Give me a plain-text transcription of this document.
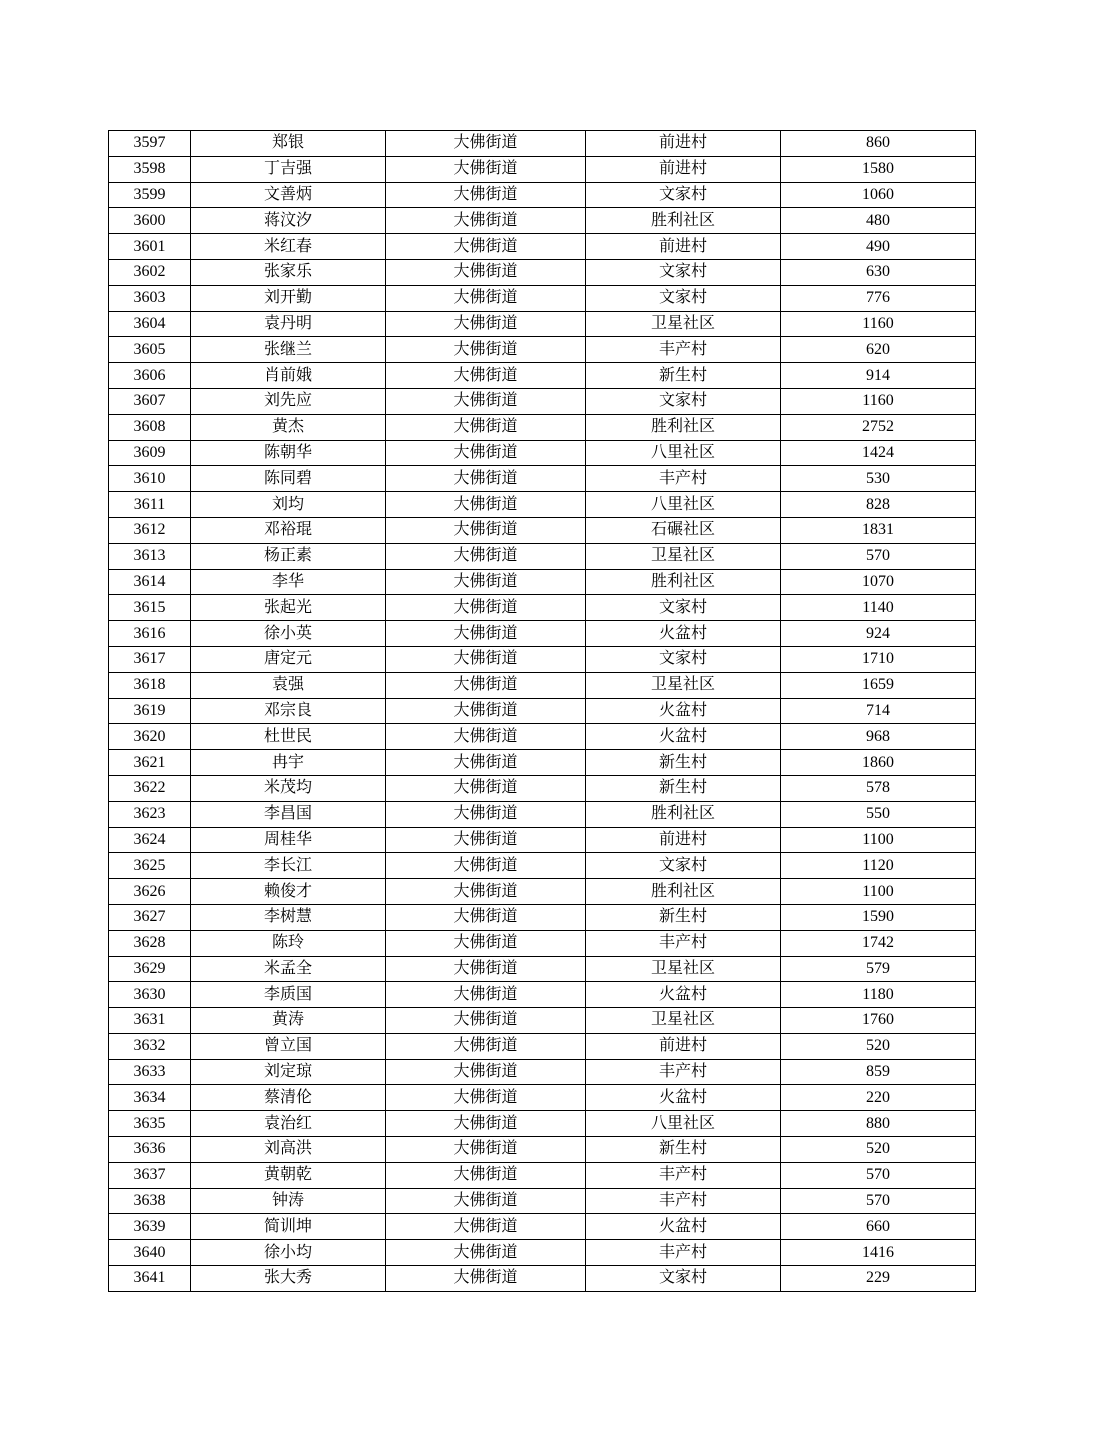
3597	郑银	大佛街道	前进村	860
3598	丁吉强	大佛街道	前进村	1580
3599	文善炳	大佛街道	文家村	1060
3600	蒋汶汐	大佛街道	胜利社区	480
3601	米红春	大佛街道	前进村	490
3602	张家乐	大佛街道	文家村	630
3603	刘开勤	大佛街道	文家村	776
3604	袁丹明	大佛街道	卫星社区	1160
3605	张继兰	大佛街道	丰产村	620
3606	肖前娥	大佛街道	新生村	914
3607	刘先应	大佛街道	文家村	1160
3608	黄杰	大佛街道	胜利社区	2752
3609	陈朝华	大佛街道	八里社区	1424
3610	陈同碧	大佛街道	丰产村	530
3611	刘均	大佛街道	八里社区	828
3612	邓裕琨	大佛街道	石碾社区	1831
3613	杨正素	大佛街道	卫星社区	570
3614	李华	大佛街道	胜利社区	1070
3615	张起光	大佛街道	文家村	1140
3616	徐小英	大佛街道	火盆村	924
3617	唐定元	大佛街道	文家村	1710
3618	袁强	大佛街道	卫星社区	1659
3619	邓宗良	大佛街道	火盆村	714
3620	杜世民	大佛街道	火盆村	968
3621	冉宇	大佛街道	新生村	1860
3622	米茂均	大佛街道	新生村	578
3623	李昌国	大佛街道	胜利社区	550
3624	周桂华	大佛街道	前进村	1100
3625	李长江	大佛街道	文家村	1120
3626	赖俊才	大佛街道	胜利社区	1100
3627	李树慧	大佛街道	新生村	1590
3628	陈玲	大佛街道	丰产村	1742
3629	米孟全	大佛街道	卫星社区	579
3630	李质国	大佛街道	火盆村	1180
3631	黄涛	大佛街道	卫星社区	1760
3632	曾立国	大佛街道	前进村	520
3633	刘定琼	大佛街道	丰产村	859
3634	蔡清伦	大佛街道	火盆村	220
3635	袁治红	大佛街道	八里社区	880
3636	刘高洪	大佛街道	新生村	520
3637	黄朝乾	大佛街道	丰产村	570
3638	钟涛	大佛街道	丰产村	570
3639	简训坤	大佛街道	火盆村	660
3640	徐小均	大佛街道	丰产村	1416
3641	张大秀	大佛街道	文家村	229
